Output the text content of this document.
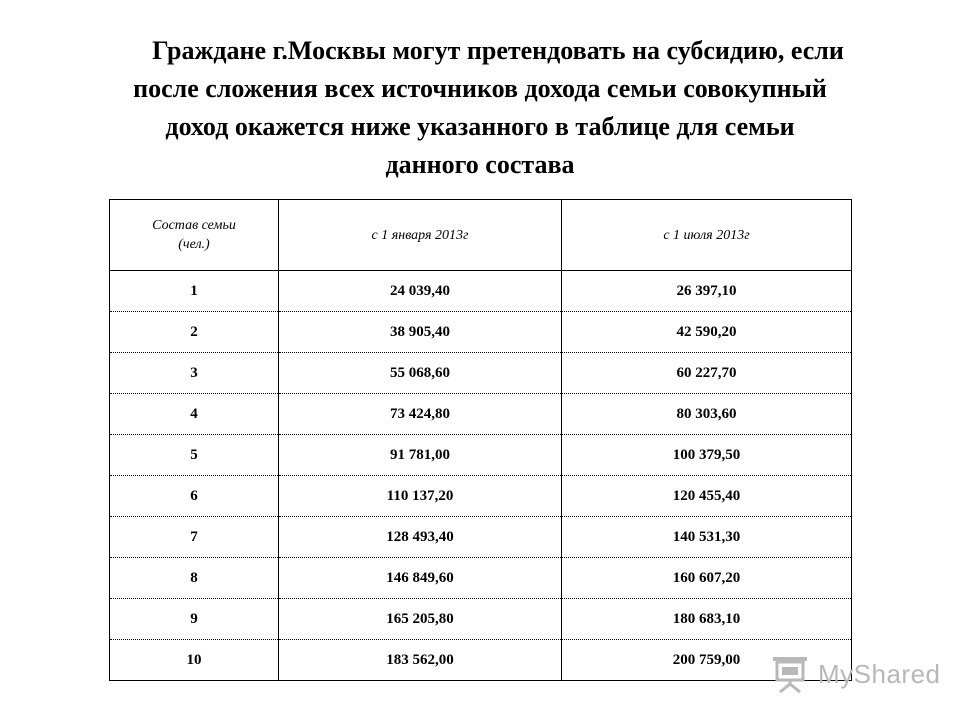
Граждане г.Москвы могут претендовать на субсидию, если
после сложения всех источников дохода семьи совокупный
доход окажется ниже указанного в таблице для семьи
данного состава
Состав семьи
(чел.)	с 1 января 2013г	с 1 июля 2013г
1	24 039,40	26 397,10
2	38 905,40	42 590,20
3	55 068,60	60 227,70
4	73 424,80	80 303,60
5	91 781,00	100 379,50
6	110 137,20	120 455,40
7	128 493,40	140 531,30
8	146 849,60	160 607,20
9	165 205,80	180 683,10
10	183 562,00	200 759,00	MyShared
